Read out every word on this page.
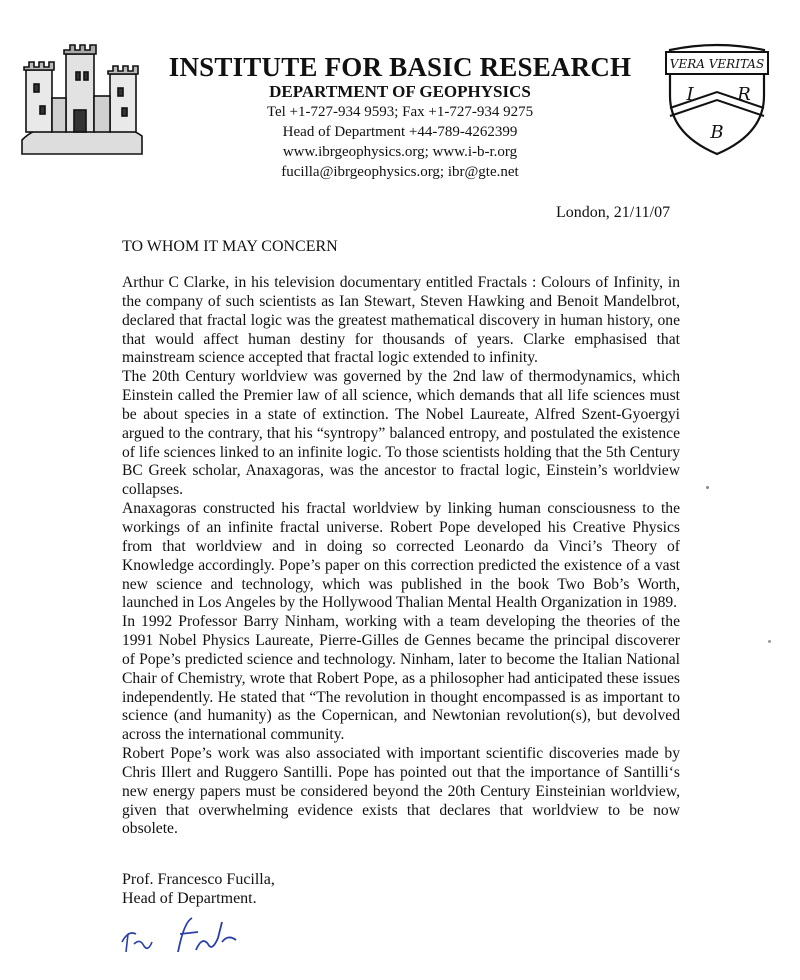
INSTITUTE FOR BASIC RESEARCH
DEPARTMENT OF GEOPHYSICS
Tel +1-727-934 9593; Fax +1-727-934 9275
Head of Department +44-789-4262399
www.ibrgeophysics.org; www.i-b-r.org
fucilla@ibrgeophysics.org; ibr@gte.net
VERA VERITAS
I R
B
London, 21/11/07
TO WHOM IT MAY CONCERN

Arthur C Clarke, in his television documentary entitled Fractals : Colours of Infinity, in the company of such scientists as Ian Stewart, Steven Hawking and Benoit Mandelbrot, declared that fractal logic was the greatest mathematical discovery in human history, one that would affect human destiny for thousands of years. Clarke emphasised that mainstream science accepted that fractal logic extended to infinity.

The 20th Century worldview was governed by the 2nd law of thermodynamics, which Einstein called the Premier law of all science, which demands that all life sciences must be about species in a state of extinction. The Nobel Laureate, Alfred Szent-Gyoergyi argued to the contrary, that his “syntropy” balanced entropy, and postulated the existence of life sciences linked to an infinite logic. To those scientists holding that the 5th Century BC Greek scholar, Anaxagoras, was the ancestor to fractal logic, Einstein’s worldview collapses.

Anaxagoras constructed his fractal worldview by linking human consciousness to the workings of an infinite fractal universe. Robert Pope developed his Creative Physics from that worldview and in doing so corrected Leonardo da Vinci’s Theory of Knowledge accordingly. Pope’s paper on this correction predicted the existence of a vast new science and technology, which was published in the book Two Bob’s Worth, launched in Los Angeles by the Hollywood Thalian Mental Health Organization in 1989.

In 1992 Professor Barry Ninham, working with a team developing the theories of the 1991 Nobel Physics Laureate, Pierre-Gilles de Gennes became the principal discoverer of Pope’s predicted science and technology. Ninham, later to become the Italian National Chair of Chemistry, wrote that Robert Pope, as a philosopher had anticipated these issues independently. He stated that “The revolution in thought encompassed is as important to science (and humanity) as the Copernican, and Newtonian revolution(s), but devolved across the international community.

Robert Pope’s work was also associated with important scientific discoveries made by Chris Illert and Ruggero Santilli. Pope has pointed out that the importance of Santilli‘s new energy papers must be considered beyond the 20th Century Einsteinian worldview, given that overwhelming evidence exists that declares that worldview to be now obsolete.

Prof. Francesco Fucilla,
Head of Department.
